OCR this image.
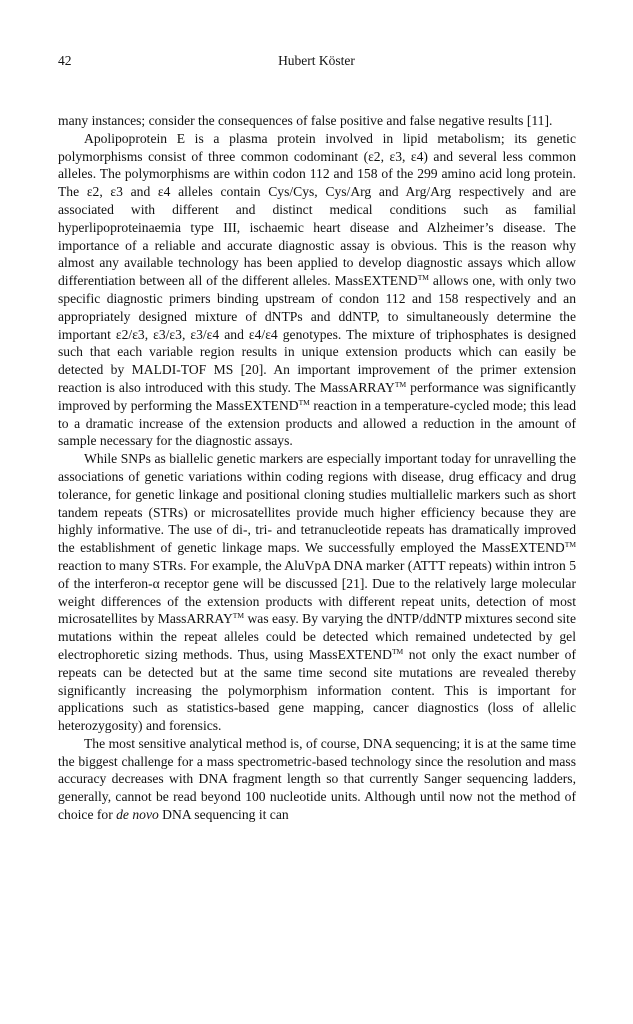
42	Hubert Köster

many instances; consider the consequences of false positive and false negative results [11].

Apolipoprotein E is a plasma protein involved in lipid metabolism; its genetic polymorphisms consist of three common codominant (ε2, ε3, ε4) and several less common alleles. The polymorphisms are within codon 112 and 158 of the 299 amino acid long protein. The ε2, ε3 and ε4 alleles contain Cys/Cys, Cys/Arg and Arg/Arg respectively and are associated with different and distinct medical conditions such as familial hyperlipoproteinaemia type III, ischaemic heart disease and Alzheimer’s disease. The importance of a reliable and accurate diagnostic assay is obvious. This is the reason why almost any available technology has been applied to develop diagnostic assays which allow differentiation between all of the different alleles. MassEXTEND™ allows one, with only two specific diagnostic primers binding upstream of condon 112 and 158 respectively and an appropriately designed mixture of dNTPs and ddNTP, to simultaneously determine the important ε2/ε3, ε3/ε3, ε3/ε4 and ε4/ε4 genotypes. The mixture of triphosphates is designed such that each variable region results in unique extension products which can easily be detected by MALDI-TOF MS [20]. An important improvement of the primer extension reaction is also introduced with this study. The MassARRAY™ performance was significantly improved by performing the MassEXTEND™ reaction in a temperature-cycled mode; this lead to a dramatic increase of the extension products and allowed a reduction in the amount of sample necessary for the diagnostic assays.

While SNPs as biallelic genetic markers are especially important today for unravelling the associations of genetic variations within coding regions with disease, drug efficacy and drug tolerance, for genetic linkage and positional cloning studies multiallelic markers such as short tandem repeats (STRs) or microsatellites provide much higher efficiency because they are highly informative. The use of di-, tri- and tetranucleotide repeats has dramatically improved the establishment of genetic linkage maps. We successfully employed the MassEXTEND™ reaction to many STRs. For example, the AluVpA DNA marker (ATTT repeats) within intron 5 of the interferon-α receptor gene will be discussed [21]. Due to the relatively large molecular weight differences of the extension products with different repeat units, detection of most microsatellites by MassARRAY™ was easy. By varying the dNTP/ddNTP mixtures second site mutations within the repeat alleles could be detected which remained undetected by gel electrophoretic sizing methods. Thus, using MassEXTEND™ not only the exact number of repeats can be detected but at the same time second site mutations are revealed thereby significantly increasing the polymorphism information content. This is important for applications such as statistics-based gene mapping, cancer diagnostics (loss of allelic heterozygosity) and forensics.

The most sensitive analytical method is, of course, DNA sequencing; it is at the same time the biggest challenge for a mass spectrometric-based technology since the resolution and mass accuracy decreases with DNA fragment length so that currently Sanger sequencing ladders, generally, cannot be read beyond 100 nucleotide units. Although until now not the method of choice for de novo DNA sequencing it can
